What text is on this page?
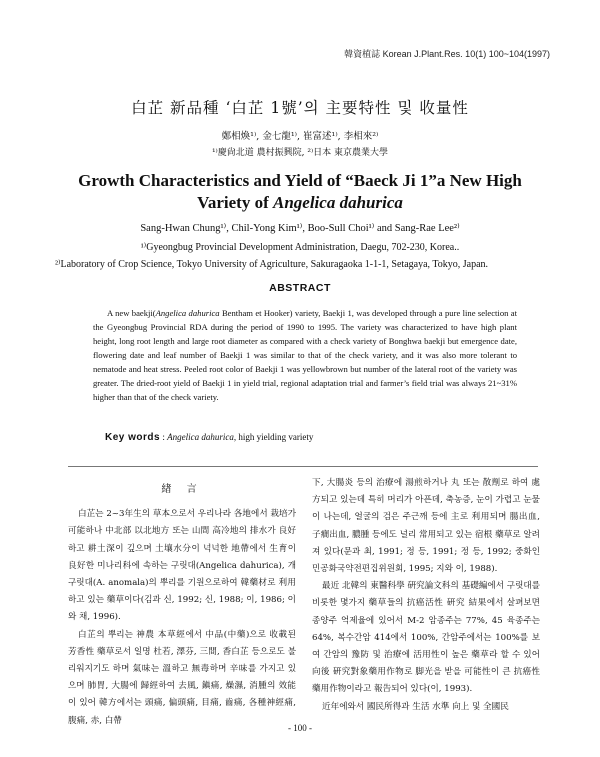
韓資植誌 Korean J.Plant.Res. 10(1) 100~104(1997)
白芷 新品種 ‘白芷 1號’의 主要特性 및 收量性
鄭相煥¹⁾, 金七龍¹⁾, 崔富述¹⁾, 李相來²⁾
¹⁾慶尙北道 農村振興院, ²⁾日本 東京農業大學
Growth Characteristics and Yield of “Baeck Ji 1”a New High
Variety of Angelica dahurica
Sang-Hwan Chung¹⁾, Chil-Yong Kim¹⁾, Boo-Sull Choi¹⁾ and Sang-Rae Lee²⁾
¹⁾Gyeongbug Provincial Development Administration, Daegu, 702-230, Korea..
²⁾Laboratory of Crop Science, Tokyo University of Agriculture, Sakuragaoka 1-1-1, Setagaya, Tokyo, Japan.
ABSTRACT

A new baekji(Angelica dahurica Bentham et Hooker) variety, Baekji 1, was developed through a pure line selection at the Gyeongbug Provincial RDA during the period of 1990 to 1995. The variety was characterized to have high plant height, long root length and large root diameter as compared with a check variety of Bonghwa baekji but emergence date, flowering date and leaf number of Baekji 1 was similar to that of the check variety, and it was also more tolerant to nematode and heat stress. Peeled root color of Baekji 1 was yellowbrown but number of the lateral root of the variety was greater. The dried-root yield of Baekji 1 in yield trial, regional adaptation trial and farmer’s field trial was always 21~31% higher than that of the check variety.

Key words : Angelica dahurica, high yielding variety
緖 言

白芷는 2~3年生의 草本으로서 우리나라 各地에서 栽培가 可能하나 中北部 以北地方 또는 山間 高冷地의 排水가 良好하고 耕土深이 깊으며 土壤水分이 넉넉한 地帶에서 生育이 良好한 미나리科에 속하는 구릿대(Angelica dahurica), 개구릿대(A. anomala)의 뿌리를 기원으로하여 韓藥材로 利用하고 있는 藥草이다(김과 신, 1992; 신, 1988; 이, 1986; 이와 채, 1996).

白芷의 뿌리는 神農 本草經에서 中品(中藥)으로 收載된 芳香性 藥草로서 일명 杜若, 澤芬, 三間, 香白芷 등으로도 불리워지기도 하며 氣味는 溫하고 無毒하며 辛味를 가지고 있으며 肺胃, 大腸에 歸經하여 去風, 鎭痛, 燥濕, 消腫의 效能이 있어 韓方에서는 頭痛, 偏頭痛, 目痛, 齒痛, 各種神經痛, 腹痛, 赤, 白帶

下, 大腸炎 등의 治療에 湯煎하거나 丸 또는 散劑로 하여 處方되고 있는데 특히 머리가 아픈데, 축농증, 눈이 가렵고 눈물이 나는데, 얼굴의 검은 주근깨 등에 主로 利用되며 腸出血, 子癎出血, 膿腫 등에도 널리 常用되고 있는 宿根 藥草로 알려져 있다(문과 최, 1991; 정 등, 1991; 정 등, 1992; 중화인민공화국약전편집위원회, 1995; 지와 이, 1988).

最近 北韓의 東醫科學 硏究論文科의 基礎編에서 구릿대를 비롯한 몇가지 藥草들의 抗癌活性 硏究 結果에서 살펴보면 종양주 억제율에 있어서 M-2 암종주는 77%, 45 육종주는 64%, 복수간암 414에서 100%, 간암주에서는 100%를 보여 간암의 豫防 및 治療에 活用性이 높은 藥草라 할 수 있어 向後 硏究對象藥用作物로 脚光을 받을 可能性이 큰 抗癌性 藥用作物이라고 報告되어 있다(이, 1993).

近年에와서 國民所得과 生活 水準 向上 및 全國民

- 100 -
